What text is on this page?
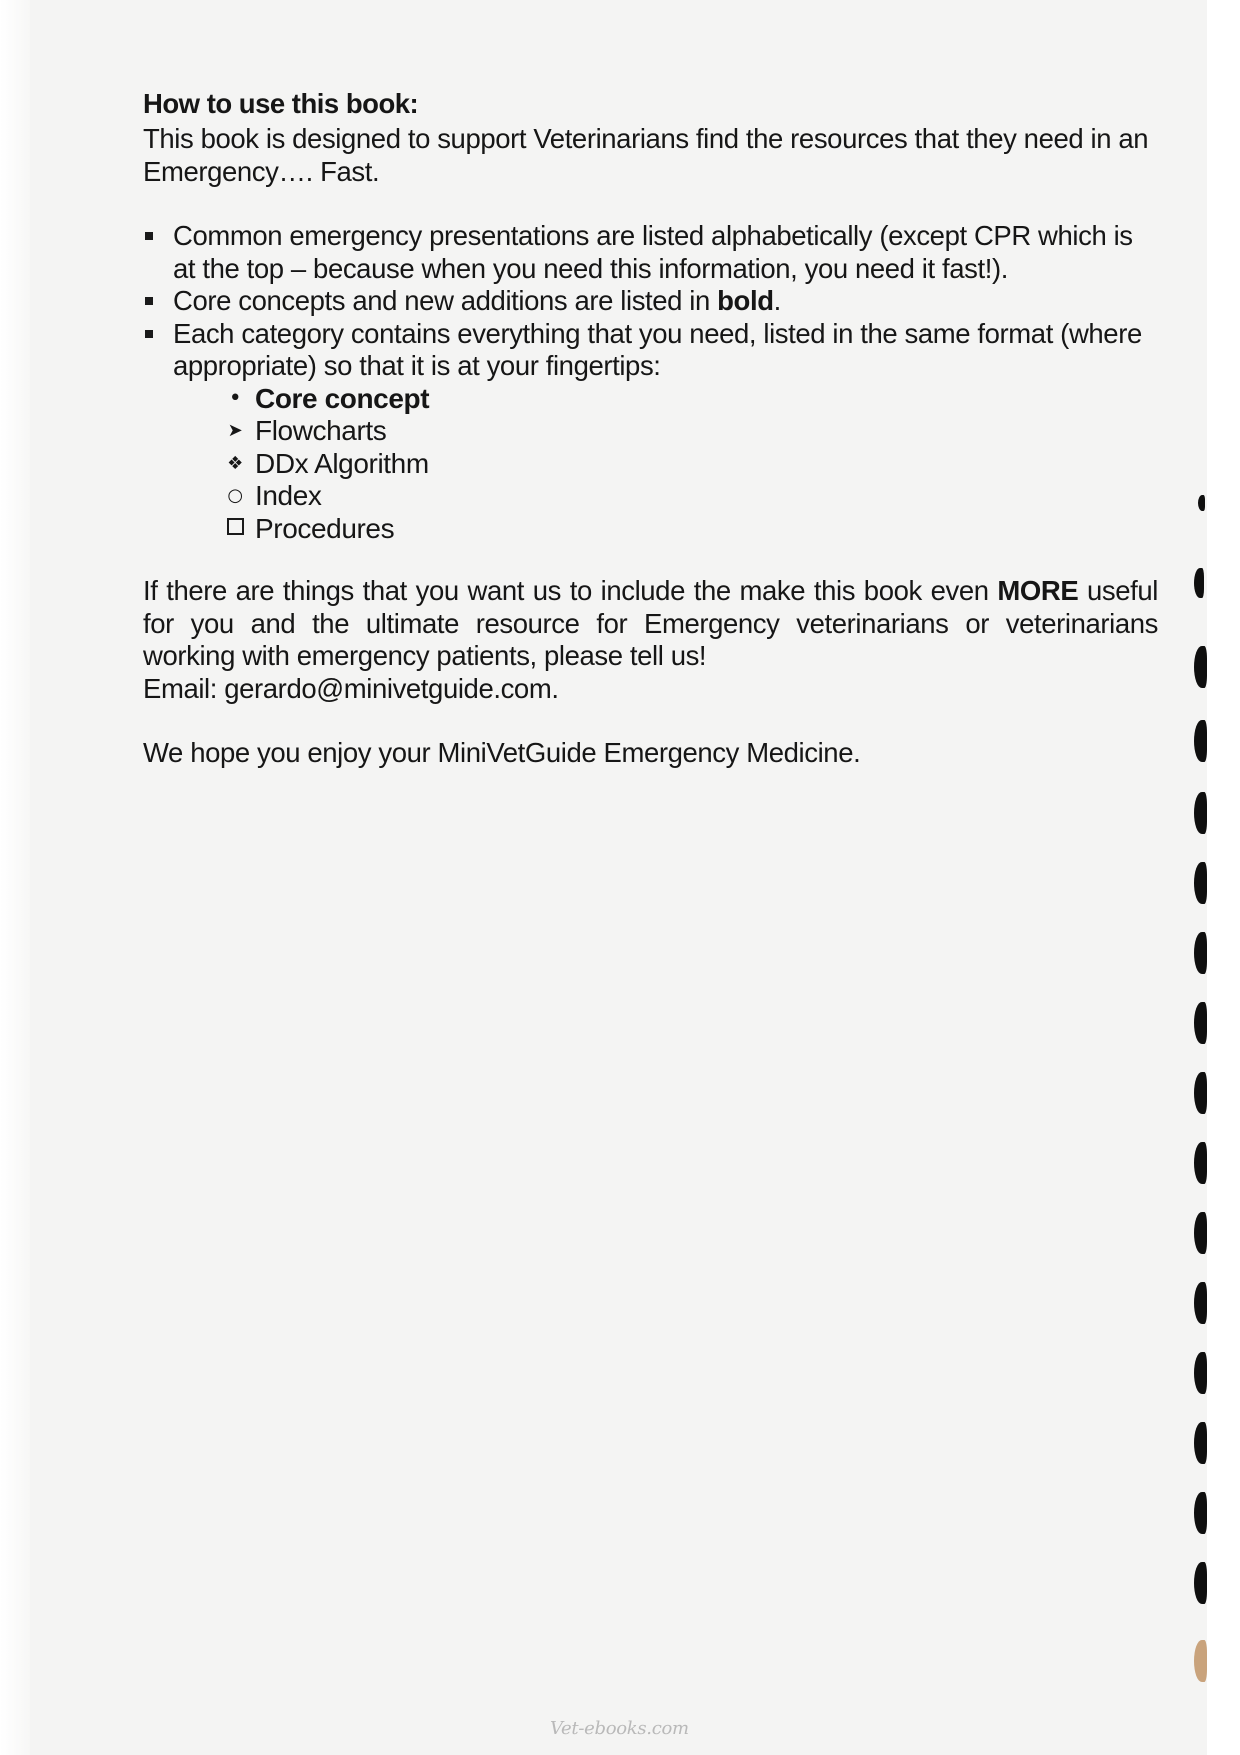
How to use this book:

This book is designed to support Veterinarians find the resources that they need in an Emergency…. Fast.

Common emergency presentations are listed alphabetically (except CPR which is at the top – because when you need this information, you need it fast!).
Core concepts and new additions are listed in bold.
Each category contains everything that you need, listed in the same format (where appropriate) so that it is at your fingertips:
• Core concept
➤ Flowcharts
❖ DDx Algorithm
○ Index
Procedures

If there are things that you want us to include the make this book even MORE useful for you and the ultimate resource for Emergency veterinarians or veterinarians working with emergency patients, please tell us!

Email: gerardo@minivetguide.com.

We hope you enjoy your MiniVetGuide Emergency Medicine.

Vet-ebooks.com
